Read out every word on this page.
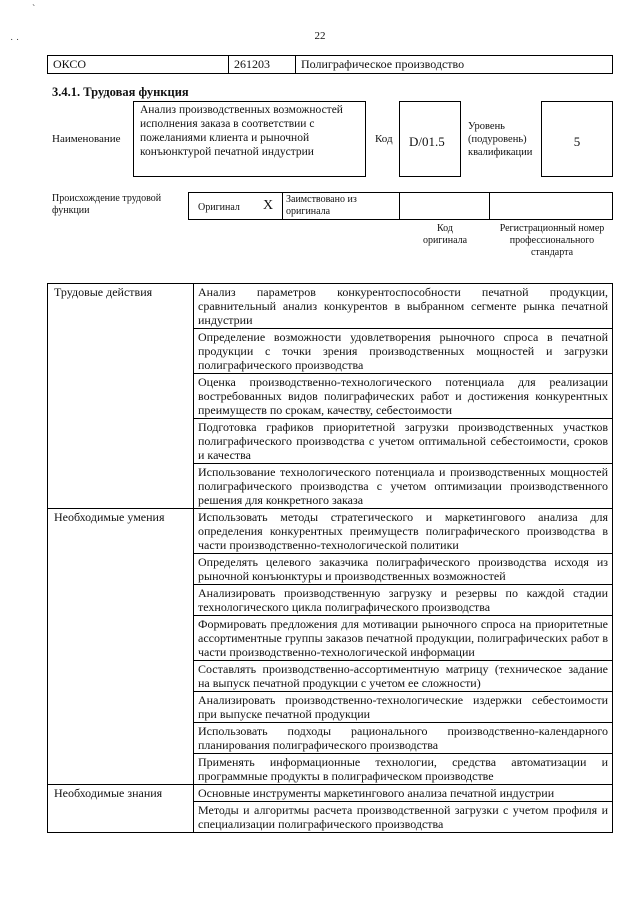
ˋ
˙ ˙
22
ОКСО	261203	Полиграфическое производство
3.4.1. Трудовая функция
Наименование
Анализ производственных возможностей исполнения заказа в соответствии с пожеланиями клиента и рыночной конъюнктурой печатной индустрии
Код	D/01.5
Уровень (подуровень) квалификации
5
Происхождение трудовой функции	Оригинал X Заимствовано из оригинала
Код оригинала
Регистрационный номер профессионального стандарта
Трудовые действия	Анализ параметров конкурентоспособности печатной продукции, сравнительный анализ конкурентов в выбранном сегменте рынка печатной индустрии
	Определение возможности удовлетворения рыночного спроса в печатной продукции с точки зрения производственных мощностей и загрузки полиграфического производства
	Оценка производственно-технологического потенциала для реализации востребованных видов полиграфических работ и достижения конкурентных преимуществ по срокам, качеству, себестоимости
	Подготовка графиков приоритетной загрузки производственных участков полиграфического производства с учетом оптимальной себестоимости, сроков и качества
	Использование технологического потенциала и производственных мощностей полиграфического производства с учетом оптимизации производственного решения для конкретного заказа
Необходимые умения	Использовать методы стратегического и маркетингового анализа для определения конкурентных преимуществ полиграфического производства в части производственно-технологической политики
	Определять целевого заказчика полиграфического производства исходя из рыночной конъюнктуры и производственных возможностей
	Анализировать производственную загрузку и резервы по каждой стадии технологического цикла полиграфического производства
	Формировать предложения для мотивации рыночного спроса на приоритетные ассортиментные группы заказов печатной продукции, полиграфических работ в части производственно-технологической информации
	Составлять производственно-ассортиментную матрицу (техническое задание на выпуск печатной продукции с учетом ее сложности)
	Анализировать производственно-технологические издержки себестоимости при выпуске печатной продукции
	Использовать подходы рационального производственно-календарного планирования полиграфического производства
	Применять информационные технологии, средства автоматизации и программные продукты в полиграфическом производстве
Необходимые знания	Основные инструменты маркетингового анализа печатной индустрии
	Методы и алгоритмы расчета производственной загрузки с учетом профиля и специализации полиграфического производства
